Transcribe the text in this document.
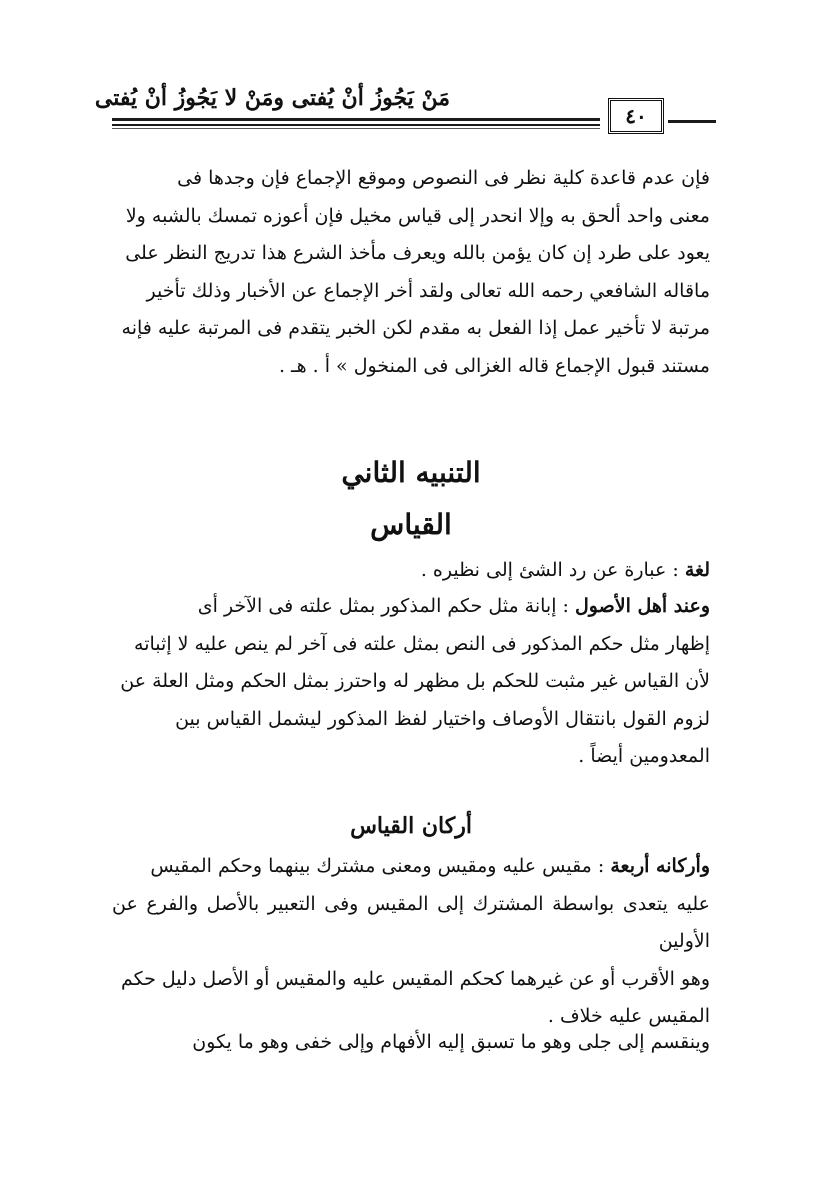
مَنْ يَجُوزُ أنْ يُفتى ومَنْ لا يَجُوزُ أنْ يُفتى
٤٠
فإن عدم قاعدة كلية نظر فى النصوص وموقع الإجماع فإن وجدها فى
معنى واحد ألحق به وإلا انحدر إلى قياس مخيل فإن أعوزه تمسك بالشبه ولا
يعود على طرد إن كان يؤمن بالله ويعرف مأخذ الشرع هذا تدريج النظر على
ماقاله الشافعي رحمه الله تعالى ولقد أخر الإجماع عن الأخبار وذلك تأخير
مرتبة لا تأخير عمل إذا الفعل به مقدم لكن الخبر يتقدم فى المرتبة عليه فإنه
مستند قبول الإجماع قاله الغزالى فى المنخول » أ . هـ .
التنبيه الثاني
القياس
لغة : عبارة عن رد الشئ إلى نظيره .
وعند أهل الأصول : إبانة مثل حكم المذكور بمثل علته فى الآخر أى
إظهار مثل حكم المذكور فى النص بمثل علته فى آخر لم ينص عليه لا إثباته
لأن القياس غير مثبت للحكم بل مظهر له واحترز بمثل الحكم ومثل العلة عن
لزوم القول بانتقال الأوصاف واختيار لفظ المذكور ليشمل القياس بين
المعدومين أيضاً .
أركان القياس
وأركانه أربعة : مقيس عليه ومقيس ومعنى مشترك بينهما وحكم المقيس
عليه يتعدى بواسطة المشترك إلى المقيس وفى التعبير بالأصل والفرع عن الأولين
وهو الأقرب أو عن غيرهما كحكم المقيس عليه والمقيس أو الأصل دليل حكم
المقيس عليه خلاف .
وينقسم إلى جلى وهو ما تسبق إليه الأفهام وإلى خفى وهو ما يكون
